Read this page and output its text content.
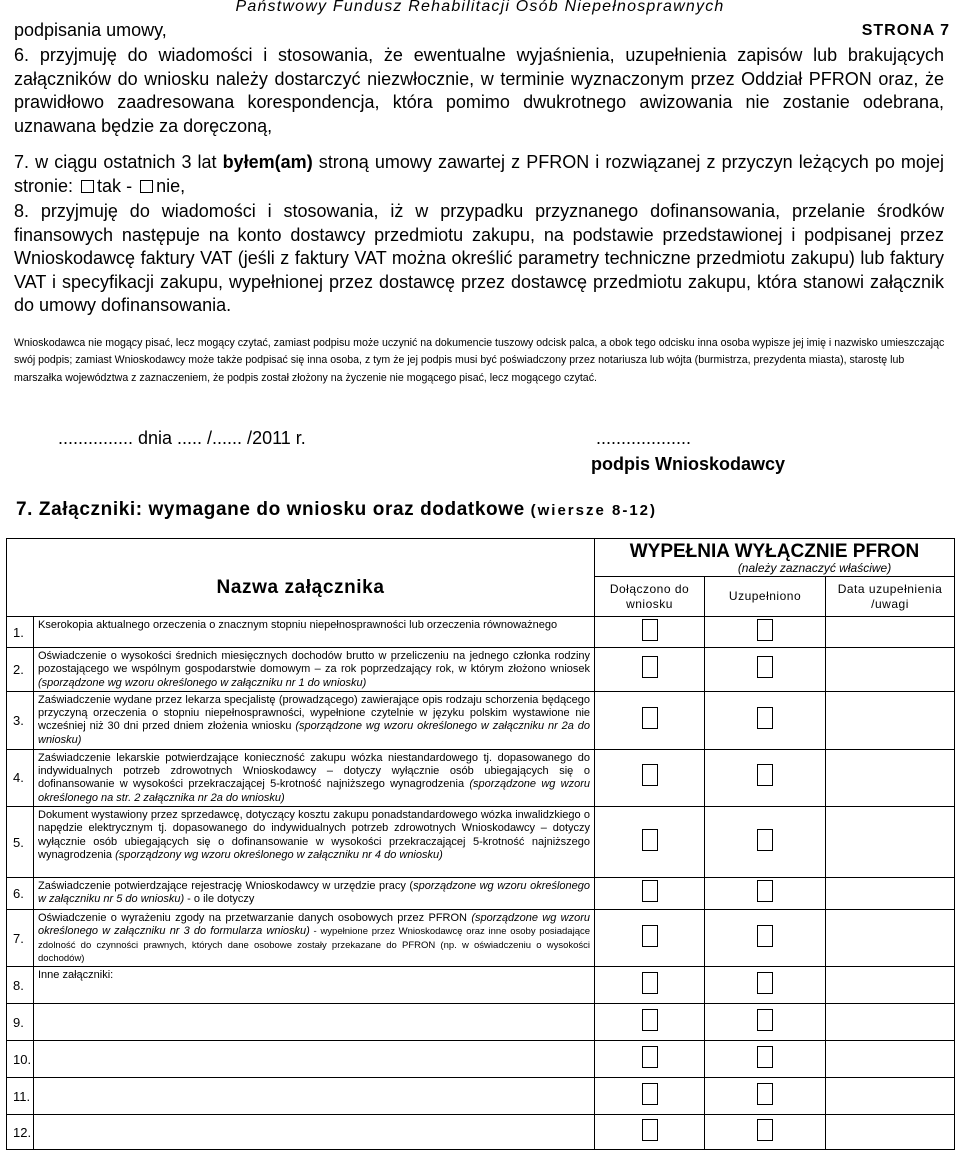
Państwowy Fundusz Rehabilitacji Osób Niepełnosprawnych
podpisania umowy,	STRONA 7
6. przyjmuję do wiadomości i stosowania, że ewentualne wyjaśnienia, uzupełnienia zapisów lub brakujących załączników do wniosku należy dostarczyć niezwłocznie, w terminie wyznaczonym przez Oddział PFRON oraz, że prawidłowo zaadresowana korespondencja, która pomimo dwukrotnego awizowania nie zostanie odebrana, uznawana będzie za doręczoną,
7. w ciągu ostatnich 3 lat byłem(am) stroną umowy zawartej z PFRON i rozwiązanej z przyczyn leżących po mojej stronie: tak - nie,
8. przyjmuję do wiadomości i stosowania, iż w przypadku przyznanego dofinansowania, przelanie środków finansowych następuje na konto dostawcy przedmiotu zakupu, na podstawie przedstawionej i podpisanej przez Wnioskodawcę faktury VAT (jeśli z faktury VAT można określić parametry techniczne przedmiotu zakupu) lub faktury VAT i specyfikacji zakupu, wypełnionej przez dostawcę przez dostawcę przedmiotu zakupu, która stanowi załącznik do umowy dofinansowania.
Wnioskodawca nie mogący pisać, lecz mogący czytać, zamiast podpisu może uczynić na dokumencie tuszowy odcisk palca, a obok tego odcisku inna osoba wypisze jej imię i nazwisko umieszczając swój podpis; zamiast Wnioskodawcy może także podpisać się inna osoba, z tym że jej podpis musi być poświadczony przez notariusza lub wójta (burmistrza, prezydenta miasta), starostę lub marszałka województwa z zaznaczeniem, że podpis został złożony na życzenie nie mogącego pisać, lecz mogącego czytać.
............... dnia ..... /...... /2011 r.	...................
podpis Wnioskodawcy
7. Załączniki: wymagane do wniosku oraz dodatkowe (wiersze 8-12)
Nazwa załącznika		WYPEŁNIA WYŁĄCZNIE PFRON
(należy zaznaczyć właściwe)		

		Dołączono do wniosku	Uzupełniono	Data uzupełnienia /uwagi
1.	Kserokopia aktualnego orzeczenia o znacznym stopniu niepełnosprawności lub orzeczenia równoważnego			
2.	Oświadczenie o wysokości średnich miesięcznych dochodów brutto w przeliczeniu na jednego członka rodziny pozostającego we wspólnym gospodarstwie domowym – za rok poprzedzający rok, w którym złożono wniosek (sporządzone wg wzoru określonego w załączniku nr 1 do wniosku)			
3.	Zaświadczenie wydane przez lekarza specjalistę (prowadzącego) zawierające opis rodzaju schorzenia będącego przyczyną orzeczenia o stopniu niepełnosprawności, wypełnione czytelnie w języku polskim wystawione nie wcześniej niż 30 dni przed dniem złożenia wniosku (sporządzone wg wzoru określonego w załączniku nr 2a do wniosku)			
4.	Zaświadczenie lekarskie potwierdzające konieczność zakupu wózka niestandardowego tj. dopasowanego do indywidualnych potrzeb zdrowotnych Wnioskodawcy – dotyczy wyłącznie osób ubiegających się o dofinansowanie w wysokości przekraczającej 5-krotność najniższego wynagrodzenia (sporządzone wg wzoru określonego na str. 2 załącznika nr 2a do wniosku)			
5.	Dokument wystawiony przez sprzedawcę, dotyczący kosztu zakupu ponadstandardowego wózka inwalidzkiego o napędzie elektrycznym tj. dopasowanego do indywidualnych potrzeb zdrowotnych Wnioskodawcy – dotyczy wyłącznie osób ubiegających się o dofinansowanie w wysokości przekraczającej 5-krotność najniższego wynagrodzenia (sporządzony wg wzoru określonego w załączniku nr 4 do wniosku)			
6.	Zaświadczenie potwierdzające rejestrację Wnioskodawcy w urzędzie pracy (sporządzone wg wzoru określonego w załączniku nr 5 do wniosku) - o ile dotyczy			
7.	Oświadczenie o wyrażeniu zgody na przetwarzanie danych osobowych przez PFRON (sporządzone wg wzoru określonego w załączniku nr 3 do formularza wniosku) - wypełnione przez Wnioskodawcę oraz inne osoby posiadające zdolność do czynności prawnych, których dane osobowe zostały przekazane do PFRON (np. w oświadczeniu o wysokości dochodów)			
8.	Inne załączniki:			
9.				
10.				
11.				
12.				
